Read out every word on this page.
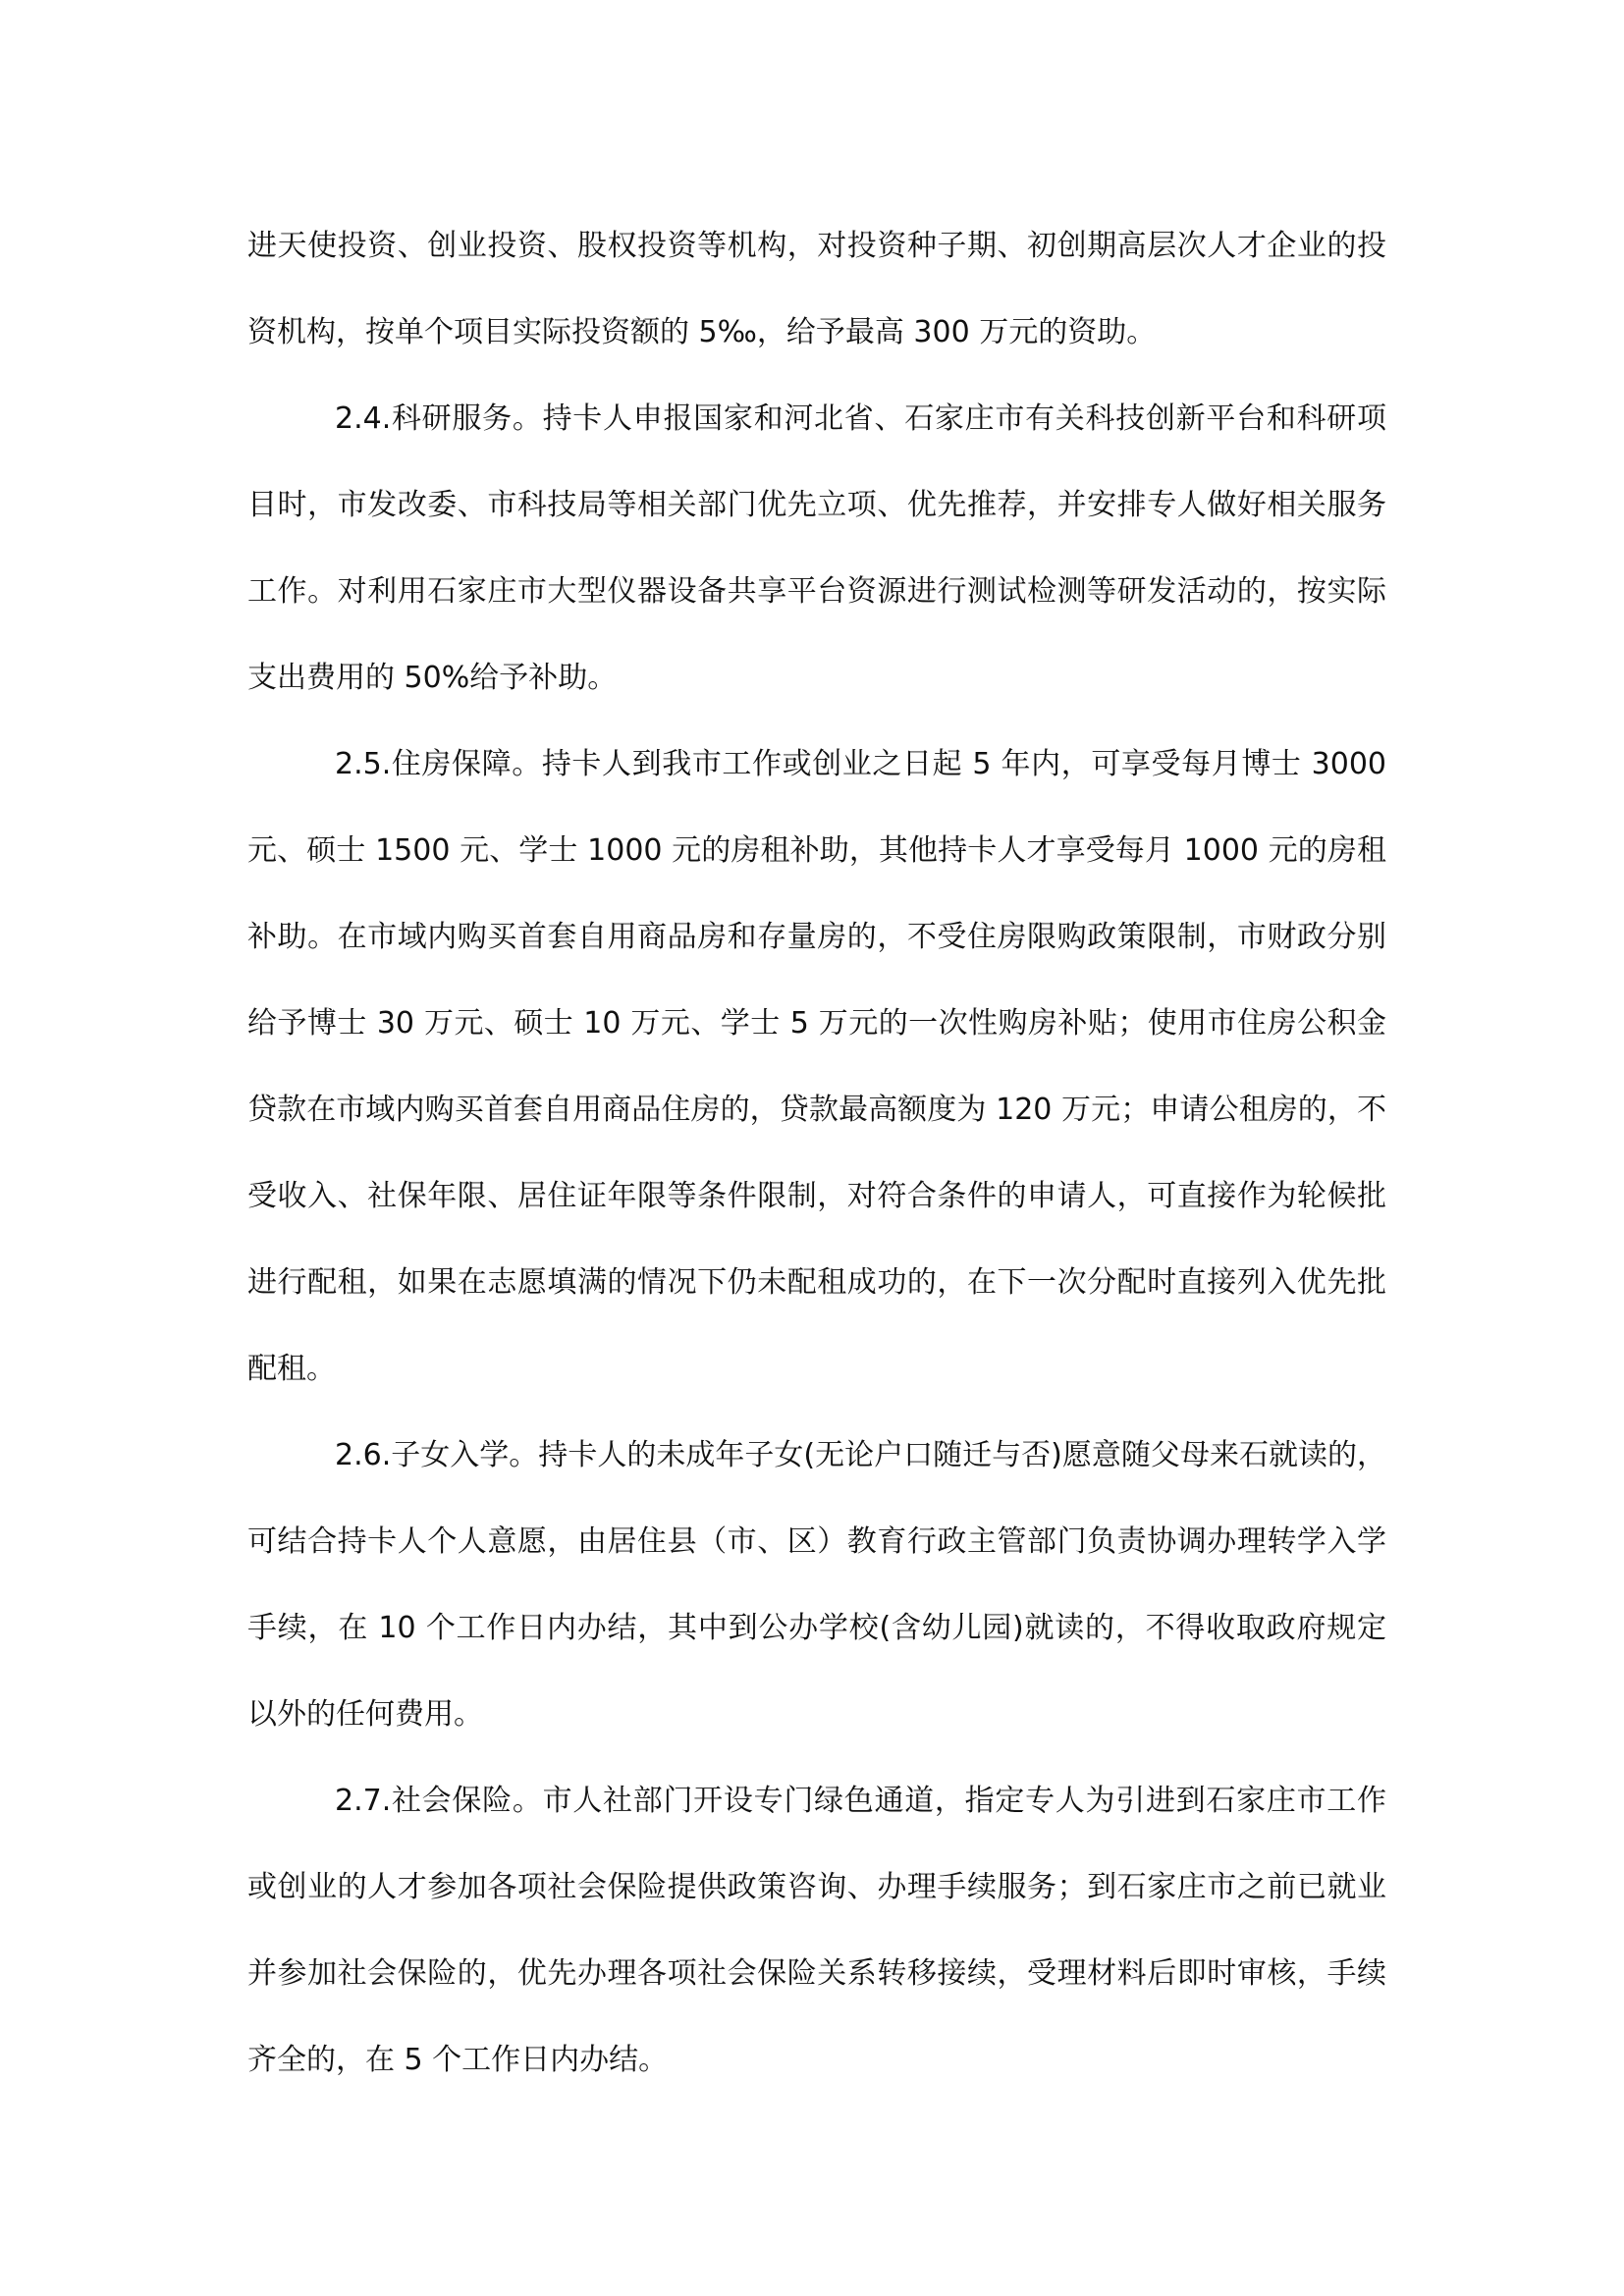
进天使投资、创业投资、股权投资等机构，对投资种子期、初创期高层次人才企业的投资机构，按单个项目实际投资额的 5‰，给予最高 300 万元的资助。

2.4.科研服务。持卡人申报国家和河北省、石家庄市有关科技创新平台和科研项目时，市发改委、市科技局等相关部门优先立项、优先推荐，并安排专人做好相关服务工作。对利用石家庄市大型仪器设备共享平台资源进行测试检测等研发活动的，按实际支出费用的 50%给予补助。

2.5.住房保障。持卡人到我市工作或创业之日起 5 年内，可享受每月博士 3000 元、硕士 1500 元、学士 1000 元的房租补助，其他持卡人才享受每月 1000 元的房租补助。在市域内购买首套自用商品房和存量房的，不受住房限购政策限制，市财政分别给予博士 30 万元、硕士 10 万元、学士 5 万元的一次性购房补贴；使用市住房公积金贷款在市域内购买首套自用商品住房的，贷款最高额度为 120 万元；申请公租房的，不受收入、社保年限、居住证年限等条件限制，对符合条件的申请人，可直接作为轮候批进行配租，如果在志愿填满的情况下仍未配租成功的，在下一次分配时直接列入优先批配租。

2.6.子女入学。持卡人的未成年子女(无论户口随迁与否)愿意随父母来石就读的，可结合持卡人个人意愿，由居住县（市、区）教育行政主管部门负责协调办理转学入学手续，在 10 个工作日内办结，其中到公办学校(含幼儿园)就读的，不得收取政府规定以外的任何费用。

2.7.社会保险。市人社部门开设专门绿色通道，指定专人为引进到石家庄市工作或创业的人才参加各项社会保险提供政策咨询、办理手续服务；到石家庄市之前已就业并参加社会保险的，优先办理各项社会保险关系转移接续，受理材料后即时审核，手续齐全的，在 5 个工作日内办结。
